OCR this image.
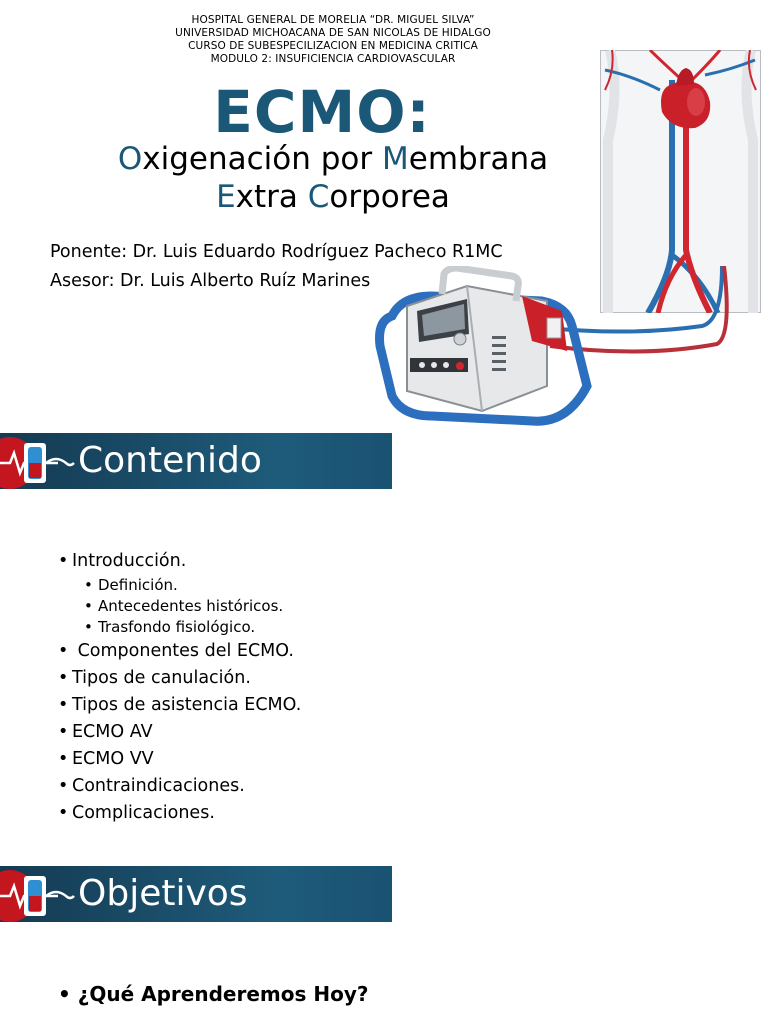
HOSPITAL GENERAL DE MORELIA “DR. MIGUEL SILVA”
UNIVERSIDAD MICHOACANA DE SAN NICOLAS DE HIDALGO
CURSO DE SUBESPECILIZACION EN MEDICINA CRITICA
MODULO 2: INSUFICIENCIA CARDIOVASCULAR
ECMO:
Oxigenación por Membrana
Extra Corporea
Ponente: Dr. Luis Eduardo Rodríguez Pacheco R1MC
Asesor: Dr. Luis Alberto Ruíz Marines
Contenido
• Introducción.
• Definición.
• Antecedentes históricos.
• Trasfondo fisiológico.
• Componentes del ECMO.
• Tipos de canulación.
• Tipos de asistencia ECMO.
• ECMO AV
• ECMO VV
• Contraindicaciones.
• Complicaciones.
Objetivos
• ¿Qué Aprenderemos Hoy?
